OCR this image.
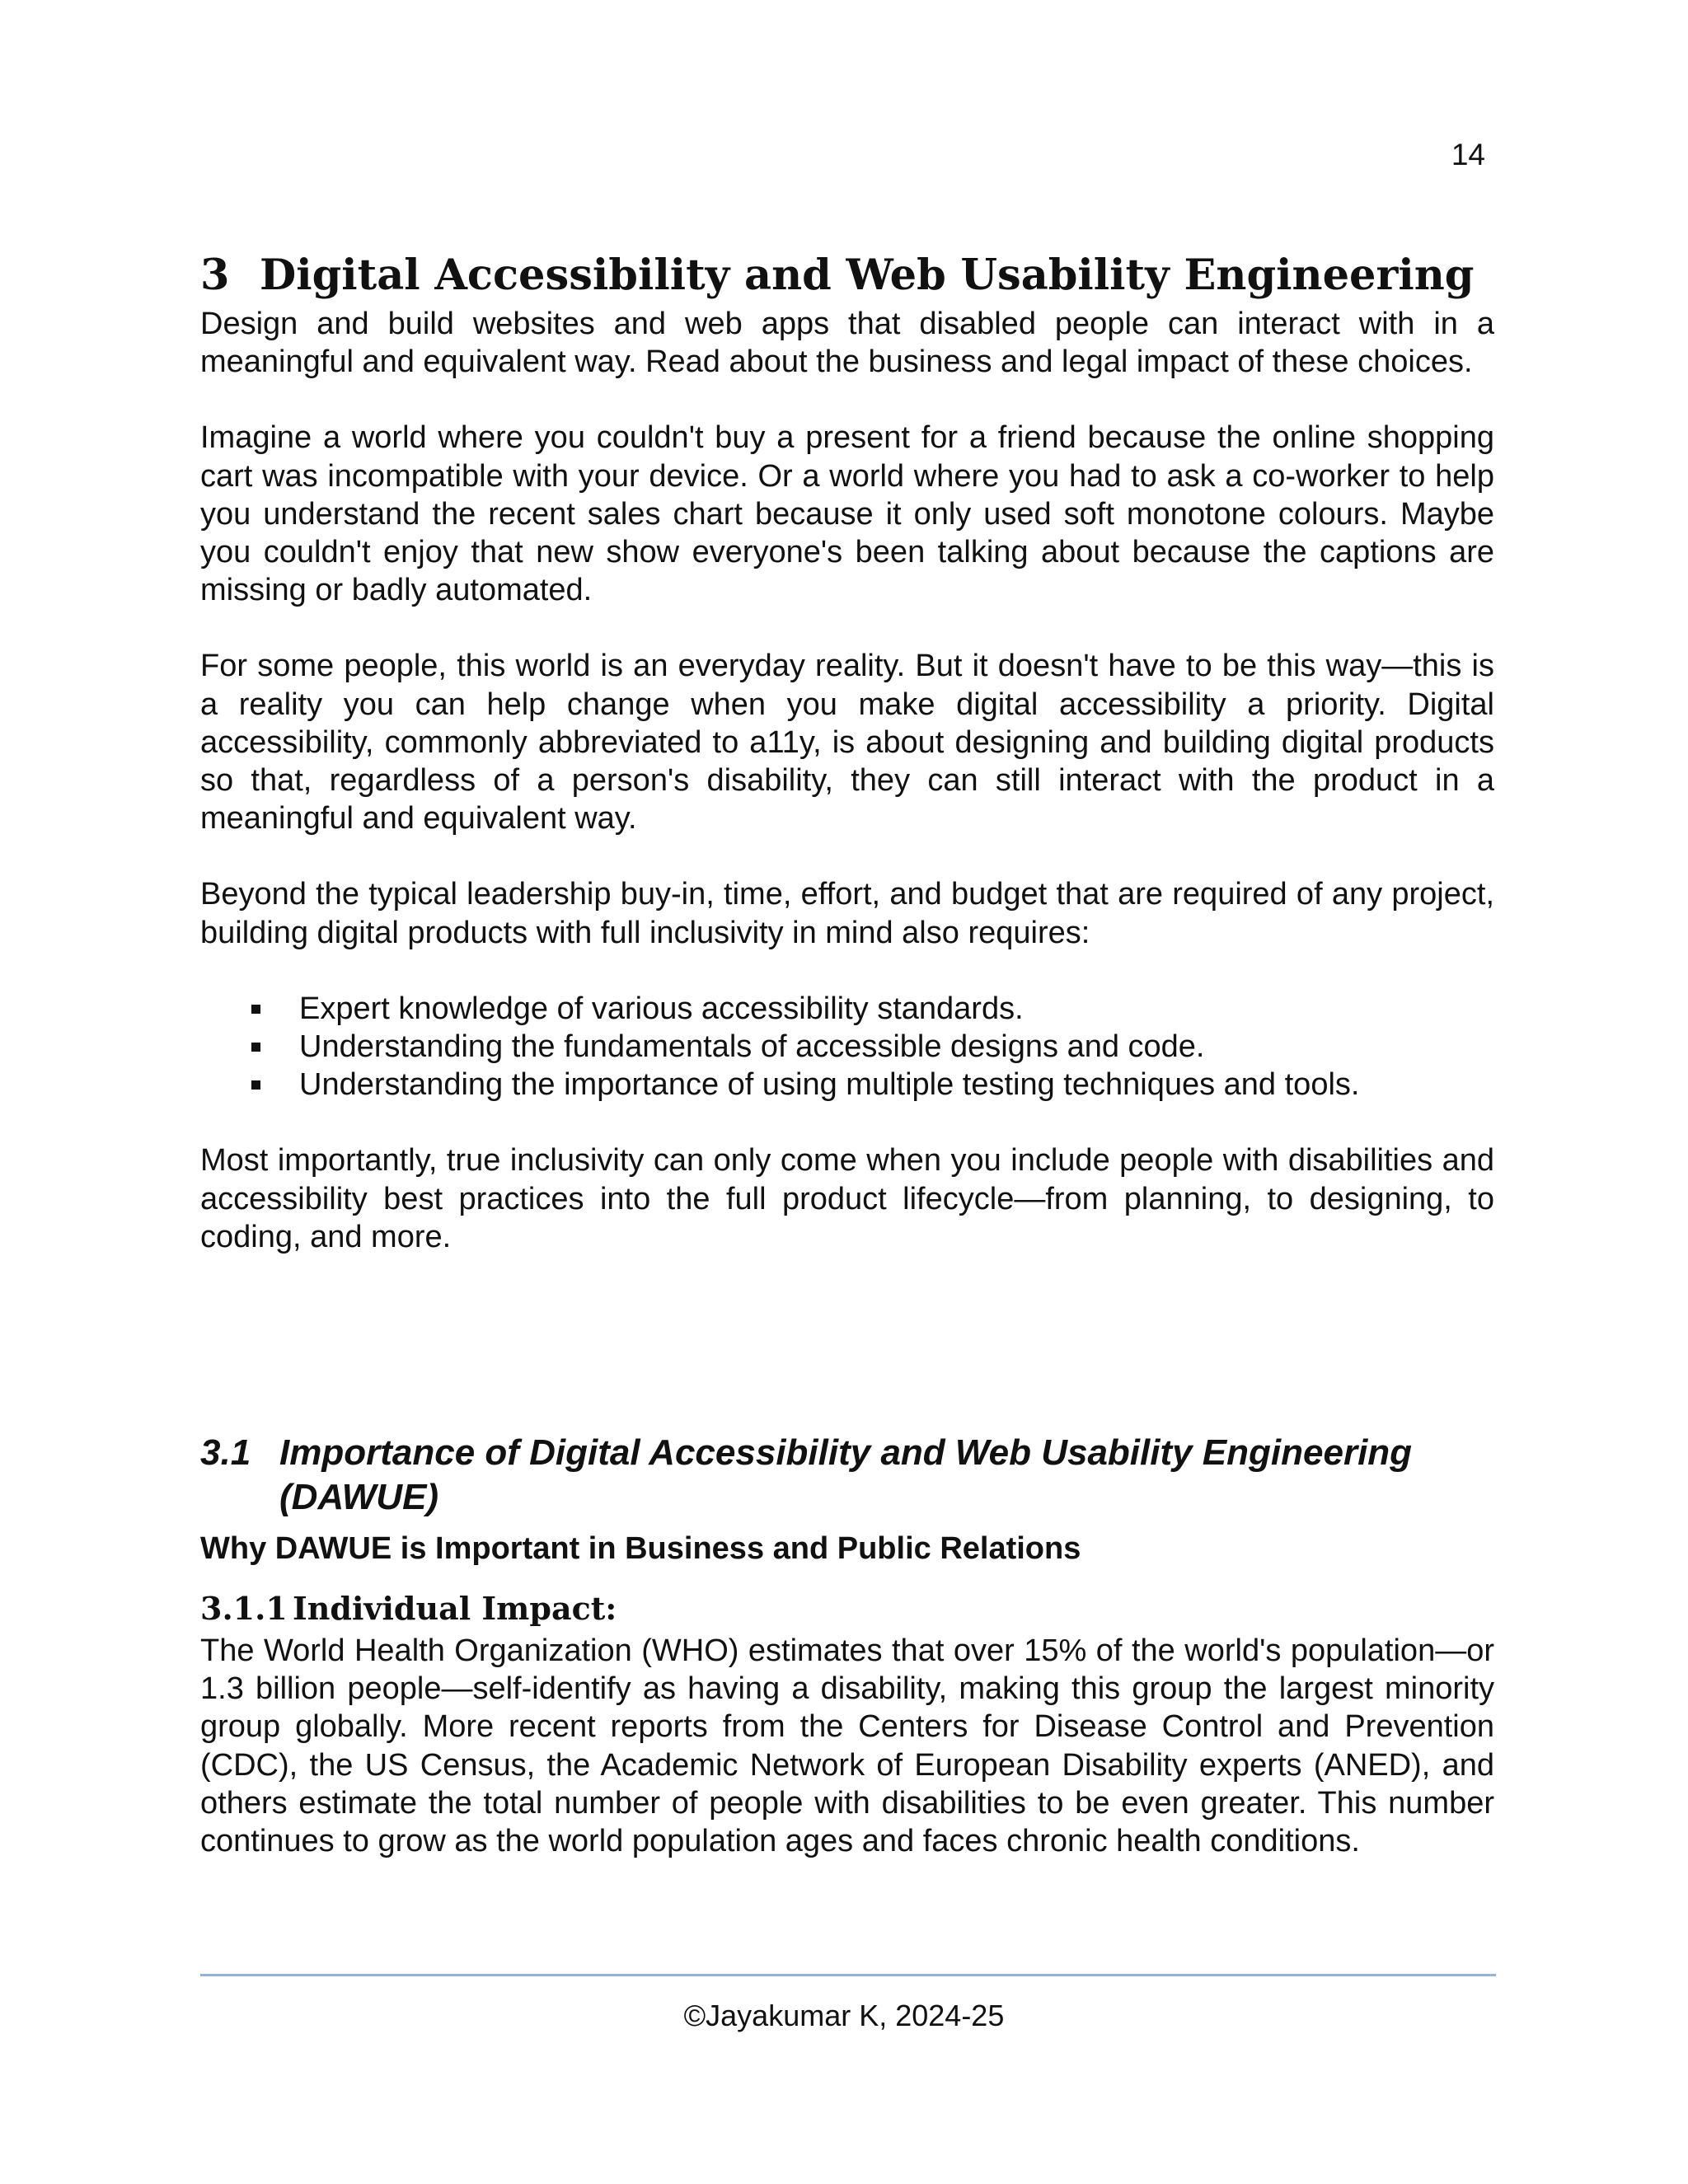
14
3 Digital Accessibility and Web Usability Engineering

Design and build websites and web apps that disabled people can interact with in a meaningful and equivalent way. Read about the business and legal impact of these choices.

Imagine a world where you couldn't buy a present for a friend because the online shopping cart was incompatible with your device. Or a world where you had to ask a co-worker to help you understand the recent sales chart because it only used soft monotone colours. Maybe you couldn't enjoy that new show everyone's been talking about because the captions are missing or badly automated.

For some people, this world is an everyday reality. But it doesn't have to be this way—this is a reality you can help change when you make digital accessibility a priority. Digital accessibility, commonly abbreviated to a11y, is about designing and building digital products so that, regardless of a person's disability, they can still interact with the product in a meaningful and equivalent way.

Beyond the typical leadership buy-in, time, effort, and budget that are required of any project, building digital products with full inclusivity in mind also requires:

Expert knowledge of various accessibility standards.
Understanding the fundamentals of accessible designs and code.
Understanding the importance of using multiple testing techniques and tools.

Most importantly, true inclusivity can only come when you include people with disabilities and accessibility best practices into the full product lifecycle—from planning, to designing, to coding, and more.

3.1 Importance of Digital Accessibility and Web Usability Engineering (DAWUE)
Why DAWUE is Important in Business and Public Relations
3.1.1 Individual Impact:

The World Health Organization (WHO) estimates that over 15% of the world's population—or 1.3 billion people—self-identify as having a disability, making this group the largest minority group globally. More recent reports from the Centers for Disease Control and Prevention (CDC), the US Census, the Academic Network of European Disability experts (ANED), and others estimate the total number of people with disabilities to be even greater. This number continues to grow as the world population ages and faces chronic health conditions.

©Jayakumar K, 2024-25
